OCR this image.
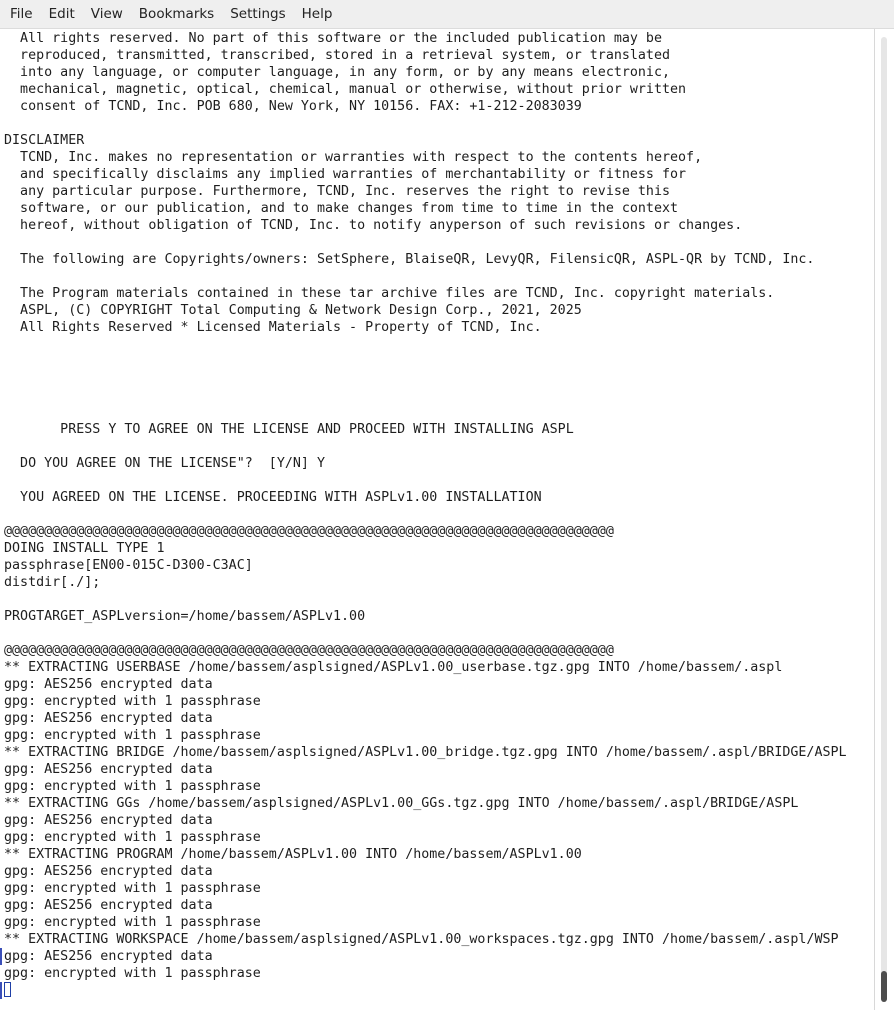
File	Edit	View	Bookmarks	Settings	Help
All rights reserved. No part of this software or the included publication may be
reproduced, transmitted, transcribed, stored in a retrieval system, or translated
into any language, or computer language, in any form, or by any means electronic,
mechanical, magnetic, optical, chemical, manual or otherwise, without prior written
consent of TCND, Inc. POB 680, New York, NY 10156. FAX: +1-212-2083039
DISCLAIMER
TCND, Inc. makes no representation or warranties with respect to the contents hereof,
and specifically disclaims any implied warranties of merchantability or fitness for
any particular purpose. Furthermore, TCND, Inc. reserves the right to revise this
software, or our publication, and to make changes from time to time in the context
hereof, without obligation of TCND, Inc. to notify anyperson of such revisions or changes.
The following are Copyrights/owners: SetSphere, BlaiseQR, LevyQR, FilensicQR, ASPL-QR by TCND, Inc.
The Program materials contained in these tar archive files are TCND, Inc. copyright materials.
ASPL, (C) COPYRIGHT Total Computing & Network Design Corp., 2021, 2025
All Rights Reserved * Licensed Materials - Property of TCND, Inc.
PRESS Y TO AGREE ON THE LICENSE AND PROCEED WITH INSTALLING ASPL
DO YOU AGREE ON THE LICENSE"?  [Y/N] Y
YOU AGREED ON THE LICENSE. PROCEEDING WITH ASPLv1.00 INSTALLATION
@@@@@@@@@@@@@@@@@@@@@@@@@@@@@@@@@@@@@@@@@@@@@@@@@@@@@@@@@@@@@@@@@@@@@@@@@@@@
DOING INSTALL TYPE 1
passphrase[EN00-015C-D300-C3AC]
distdir[./];
PROGTARGET_ASPLversion=/home/bassem/ASPLv1.00
@@@@@@@@@@@@@@@@@@@@@@@@@@@@@@@@@@@@@@@@@@@@@@@@@@@@@@@@@@@@@@@@@@@@@@@@@@@@
** EXTRACTING USERBASE /home/bassem/asplsigned/ASPLv1.00_userbase.tgz.gpg INTO /home/bassem/.aspl
gpg: AES256 encrypted data
gpg: encrypted with 1 passphrase
gpg: AES256 encrypted data
gpg: encrypted with 1 passphrase
** EXTRACTING BRIDGE /home/bassem/asplsigned/ASPLv1.00_bridge.tgz.gpg INTO /home/bassem/.aspl/BRIDGE/ASPL
gpg: AES256 encrypted data
gpg: encrypted with 1 passphrase
** EXTRACTING GGs /home/bassem/asplsigned/ASPLv1.00_GGs.tgz.gpg INTO /home/bassem/.aspl/BRIDGE/ASPL
gpg: AES256 encrypted data
gpg: encrypted with 1 passphrase
** EXTRACTING PROGRAM /home/bassem/ASPLv1.00 INTO /home/bassem/ASPLv1.00
gpg: AES256 encrypted data
gpg: encrypted with 1 passphrase
gpg: AES256 encrypted data
gpg: encrypted with 1 passphrase
** EXTRACTING WORKSPACE /home/bassem/asplsigned/ASPLv1.00_workspaces.tgz.gpg INTO /home/bassem/.aspl/WSP
gpg: AES256 encrypted data
gpg: encrypted with 1 passphrase
